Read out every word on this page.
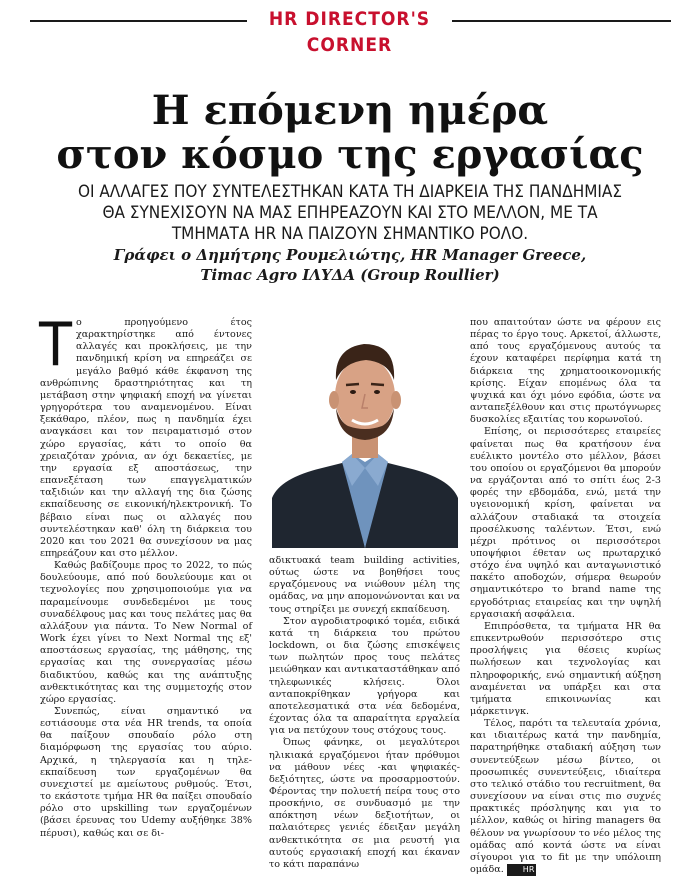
HR DIRECTOR'S CORNER
Η επόμενη ημέρα
στον κόσμο της εργασίας
ΟΙ ΑΛΛΑΓΕΣ ΠΟΥ ΣΥΝΤΕΛΕΣΤΗΚΑΝ ΚΑΤΑ ΤΗ ΔΙΑΡΚΕΙΑ ΤΗΣ ΠΑΝΔΗΜΙΑΣ
ΘΑ ΣΥΝΕΧΙΣΟΥΝ ΝΑ ΜΑΣ ΕΠΗΡΕΑΖΟΥΝ ΚΑΙ ΣΤΟ ΜΕΛΛΟΝ, ΜΕ ΤΑ
ΤΜΗΜΑΤΑ HR ΝΑ ΠΑΙΖΟΥΝ ΣΗΜΑΝΤΙΚΟ ΡΟΛΟ.
Γράφει ο Δημήτρης Ρουμελιώτης, HR Manager Greece,
Timac Agro ΙΛΥΔΑ (Group Roullier)

Το προηγούμενο έτος χαρακτηρίστηκε από έντονες αλλαγές και προκλήσεις, με την πανδημική κρίση να επηρεάζει σε μεγάλο βαθμό κάθε έκφανση της ανθρώπινης δραστηριότητας και τη μετάβαση στην ψηφιακή εποχή να γίνεται γρηγορότερα του αναμενομένου. Είναι ξεκάθαρο, πλέον, πως η πανδημία έχει αναγκάσει και τον πειραματισμό στον χώρο εργασίας, κάτι το οποίο θα χρειαζόταν χρόνια, αν όχι δεκαετίες, με την εργασία εξ αποστάσεως, την επανεξέταση των επαγγελματικών ταξιδιών και την αλλαγή της δια ζώσης εκπαίδευσης σε εικονική/ηλεκτρονική. Το βέβαιο είναι πως οι αλλαγές που συντελέστηκαν καθ' όλη τη διάρκεια του 2020 και του 2021 θα συνεχίσουν να μας επηρεάζουν και στο μέλλον.

Καθώς βαδίζουμε προς το 2022, το πώς δουλεύουμε, από πού δουλεύουμε και οι τεχνολογίες που χρησιμοποιούμε για να παραμείνουμε συνδεδεμένοι με τους συναδέλφους μας και τους πελάτες μας θα αλλάξουν για πάντα. Το New Normal of Work έχει γίνει το Next Normal της εξ' αποστάσεως εργασίας, της μάθησης, της εργασίας και της συνεργασίας μέσω διαδικτύου, καθώς και της ανάπτυξης ανθεκτικότητας και της συμμετοχής στον χώρο εργασίας.

Συνεπώς, είναι σημαντικό να εστιάσουμε στα νέα HR trends, τα οποία θα παίξουν σπουδαίο ρόλο στη διαμόρφωση της εργασίας του αύριο. Αρχικά, η τηλεργασία και η τηλε-εκπαίδευση των εργαζομένων θα συνεχιστεί με αμείωτους ρυθμούς. Έτσι, το εκάστοτε τμήμα HR θα παίξει σπουδαίο ρόλο στο upskilling των εργαζομένων (βάσει έρευνας του Udemy αυξήθηκε 38% πέρυσι), καθώς και σε δι-

αδικτυακά team building activities, ούτως ώστε να βοηθήσει τους εργαζόμενους να νιώθουν μέλη της ομάδας, να μην απομονώνονται και να τους στηρίξει με συνεχή εκπαίδευση.

Στον αγροδιατροφικό τομέα, ειδικά κατά τη διάρκεια του πρώτου lockdown, οι δια ζώσης επισκέψεις των πωλητών προς τους πελάτες μειώθηκαν και αντικαταστάθηκαν από τηλεφωνικές κλήσεις. Όλοι ανταποκρίθηκαν γρήγορα και αποτελεσματικά στα νέα δεδομένα, έχοντας όλα τα απαραίτητα εργαλεία για να πετύχουν τους στόχους τους.

Όπως φάνηκε, οι μεγαλύτεροι ηλικιακά εργαζόμενοι ήταν πρόθυμοι να μάθουν νέες -και ψηφιακές- δεξιότητες, ώστε να προσαρμοστούν. Φέροντας την πολυετή πείρα τους στο προσκήνιο, σε συνδυασμό με την απόκτηση νέων δεξιοτήτων, οι παλαιότερες γενιές έδειξαν μεγάλη ανθεκτικότητα σε μια ρευστή για αυτούς εργασιακή εποχή και έκαναν το κάτι παραπάνω

που απαιτούταν ώστε να φέρουν εις πέρας το έργο τους. Αρκετοί, άλλωστε, από τους εργαζόμενους αυτούς τα έχουν καταφέρει περίφημα κατά τη διάρκεια της χρηματοοικονομικής κρίσης. Είχαν επομένως όλα τα ψυχικά και όχι μόνο εφόδια, ώστε να ανταπεξέλθουν και στις πρωτόγνωρες δυσκολίες εξαιτίας του κορωνοϊού.

Επίσης, οι περισσότερες εταιρείες φαίνεται πως θα κρατήσουν ένα ευέλικτο μοντέλο στο μέλλον, βάσει του οποίου οι εργαζόμενοι θα μπορούν να εργάζονται από το σπίτι έως 2-3 φορές την εβδομάδα, ενώ, μετά την υγειονομική κρίση, φαίνεται να αλλάζουν σταδιακά τα στοιχεία προσέλκυσης ταλέντων. Έτσι, ενώ μέχρι πρότινος οι περισσότεροι υποψήφιοι έθεταν ως πρωταρχικό στόχο ένα υψηλό και ανταγωνιστικό πακέτο αποδοχών, σήμερα θεωρούν σημαντικότερο το brand name της εργοδότριας εταιρείας και την υψηλή εργασιακή ασφάλεια.

Επιπρόσθετα, τα τμήματα HR θα επικεντρωθούν περισσότερο στις προσλήψεις για θέσεις κυρίως πωλήσεων και τεχνολογίας και πληροφορικής, ενώ σημαντική αύξηση αναμένεται να υπάρξει και στα τμήματα επικοινωνίας και μάρκετινγκ.

Τέλος, παρότι τα τελευταία χρόνια, και ιδιαιτέρως κατά την πανδημία, παρατηρήθηκε σταδιακή αύξηση των συνεντεύξεων μέσω βίντεο, οι προσωπικές συνεντεύξεις, ιδιαίτερα στο τελικό στάδιο του recruitment, θα συνεχίσουν να είναι στις πιο συχνές πρακτικές πρόσληψης και για το μέλλον, καθώς οι hiring managers θα θέλουν να γνωρίσουν το νέο μέλος της ομάδας από κοντά ώστε να είναι σίγουροι για το fit με την υπόλοιπη ομάδα. HR
